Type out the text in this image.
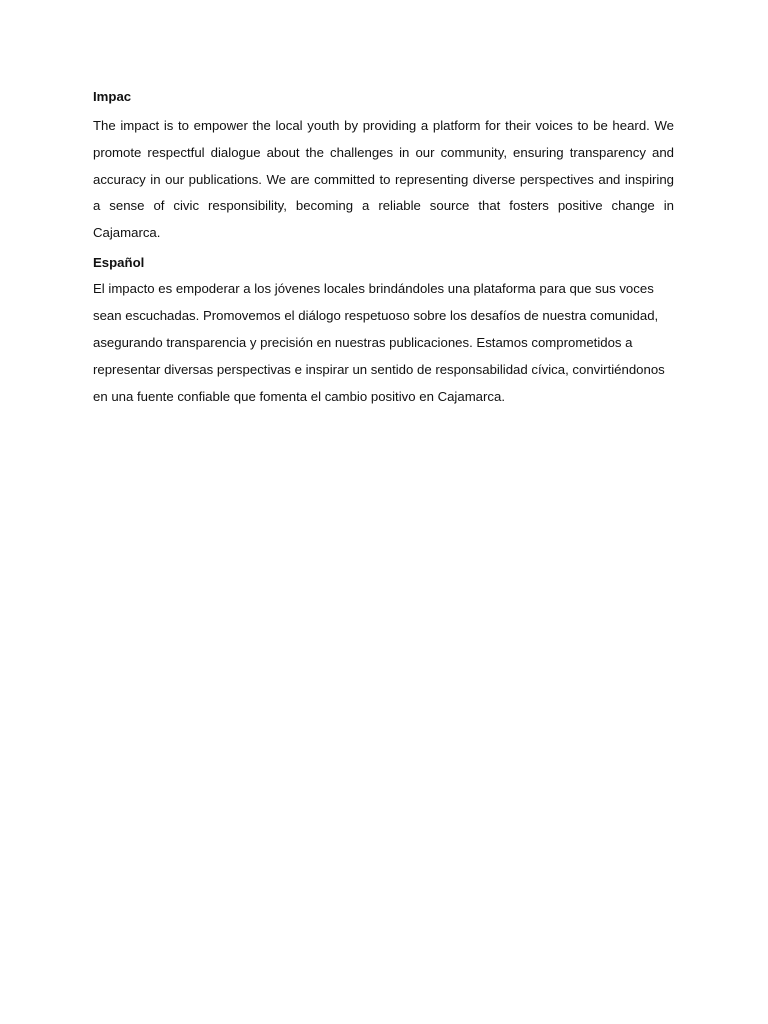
Impac

The impact is to empower the local youth by providing a platform for their voices to be heard. We promote respectful dialogue about the challenges in our community, ensuring transparency and accuracy in our publications. We are committed to representing diverse perspectives and inspiring a sense of civic responsibility, becoming a reliable source that fosters positive change in Cajamarca.

Español

El impacto es empoderar a los jóvenes locales brindándoles una plataforma para que sus voces sean escuchadas. Promovemos el diálogo respetuoso sobre los desafíos de nuestra comunidad, asegurando transparencia y precisión en nuestras publicaciones. Estamos comprometidos a representar diversas perspectivas e inspirar un sentido de responsabilidad cívica, convirtiéndonos en una fuente confiable que fomenta el cambio positivo en Cajamarca.
